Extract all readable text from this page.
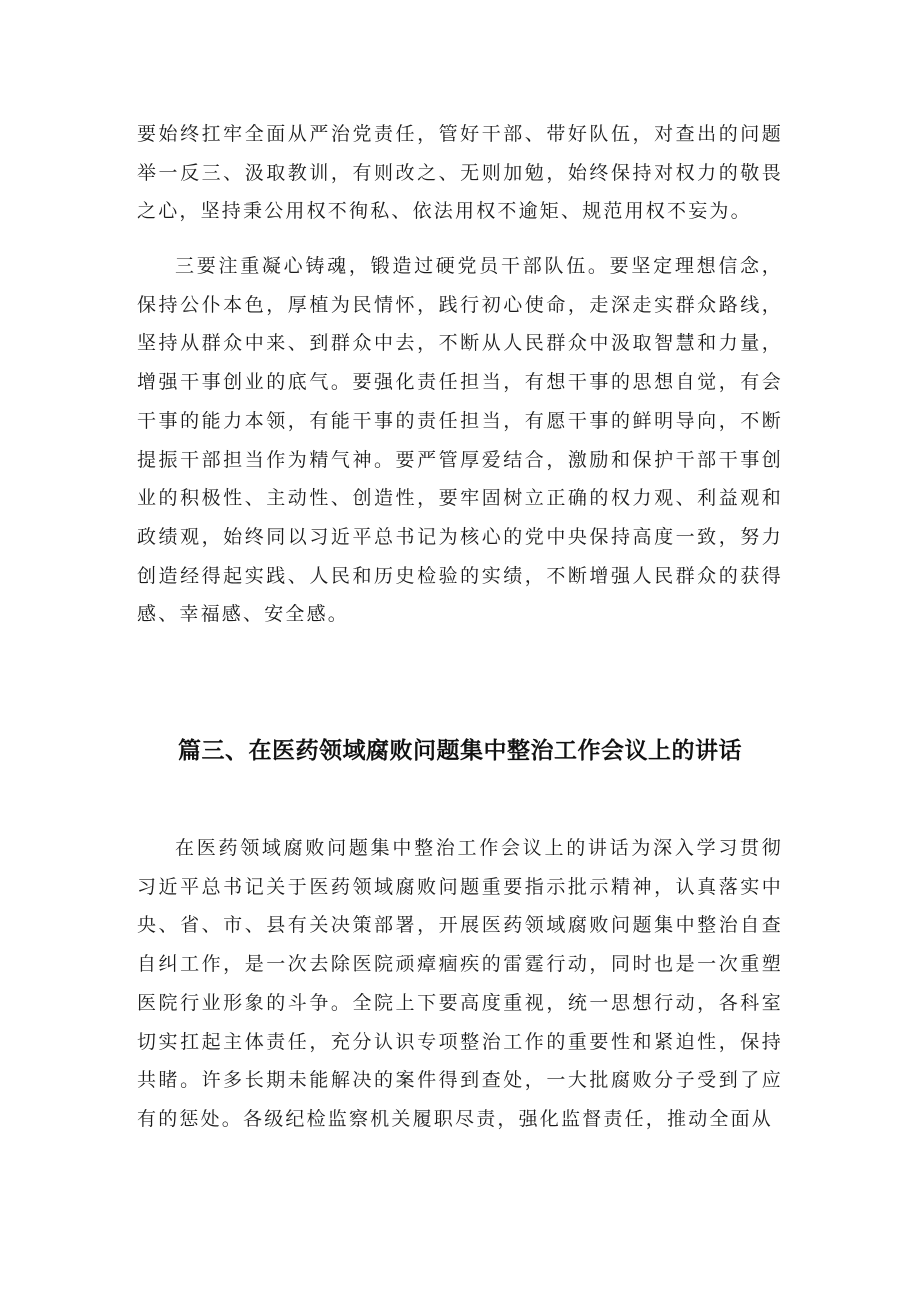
要始终扛牢全面从严治党责任，管好干部、带好队伍，对查出的问题举一反三、汲取教训，有则改之、无则加勉，始终保持对权力的敬畏之心，坚持秉公用权不徇私、依法用权不逾矩、规范用权不妄为。

三要注重凝心铸魂，锻造过硬党员干部队伍。要坚定理想信念，保持公仆本色，厚植为民情怀，践行初心使命，走深走实群众路线，坚持从群众中来、到群众中去，不断从人民群众中汲取智慧和力量，增强干事创业的底气。要强化责任担当，有想干事的思想自觉，有会干事的能力本领，有能干事的责任担当，有愿干事的鲜明导向，不断提振干部担当作为精气神。要严管厚爱结合，激励和保护干部干事创业的积极性、主动性、创造性，要牢固树立正确的权力观、利益观和政绩观，始终同以习近平总书记为核心的党中央保持高度一致，努力创造经得起实践、人民和历史检验的实绩，不断增强人民群众的获得感、幸福感、安全感。

篇三、在医药领域腐败问题集中整治工作会议上的讲话

在医药领域腐败问题集中整治工作会议上的讲话为深入学习贯彻习近平总书记关于医药领域腐败问题重要指示批示精神，认真落实中央、省、市、县有关决策部署，开展医药领域腐败问题集中整治自查自纠工作，是一次去除医院顽瘴痼疾的雷霆行动，同时也是一次重塑医院行业形象的斗争。全院上下要高度重视，统一思想行动，各科室切实扛起主体责任，充分认识专项整治工作的重要性和紧迫性，保持共睹。许多长期未能解决的案件得到查处，一大批腐败分子受到了应有的惩处。各级纪检监察机关履职尽责，强化监督责任，推动全面从
